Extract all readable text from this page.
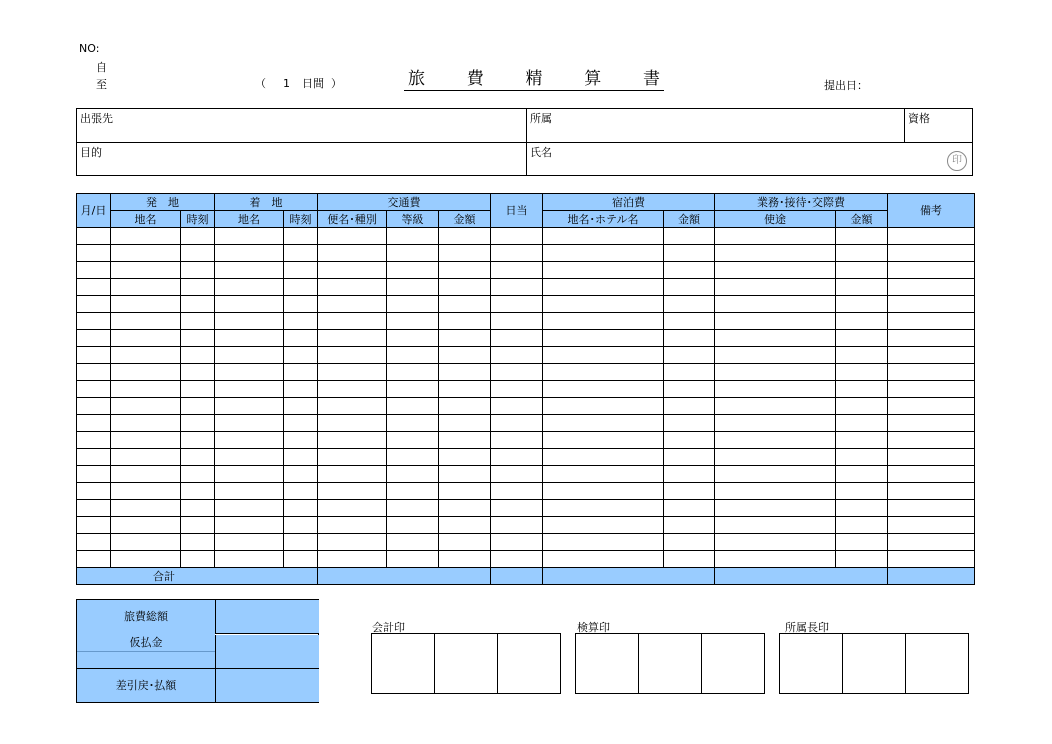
NO:
自
至	（ 1 日間 ）	旅 費 精 算 書	提出日：
出張先	所属	資格
目的	氏名
印
月/日	発　地		着　地		交通費			日当	宿泊費		業務･接待･交際費		備考
	地名	時刻	地名	時刻	便名･種別	等級	金額		地名･ホテル名	金額	使途	金額	

合計													
旅費総額
仮払金
差引戻･払額
会計印	検算印	所属長印
